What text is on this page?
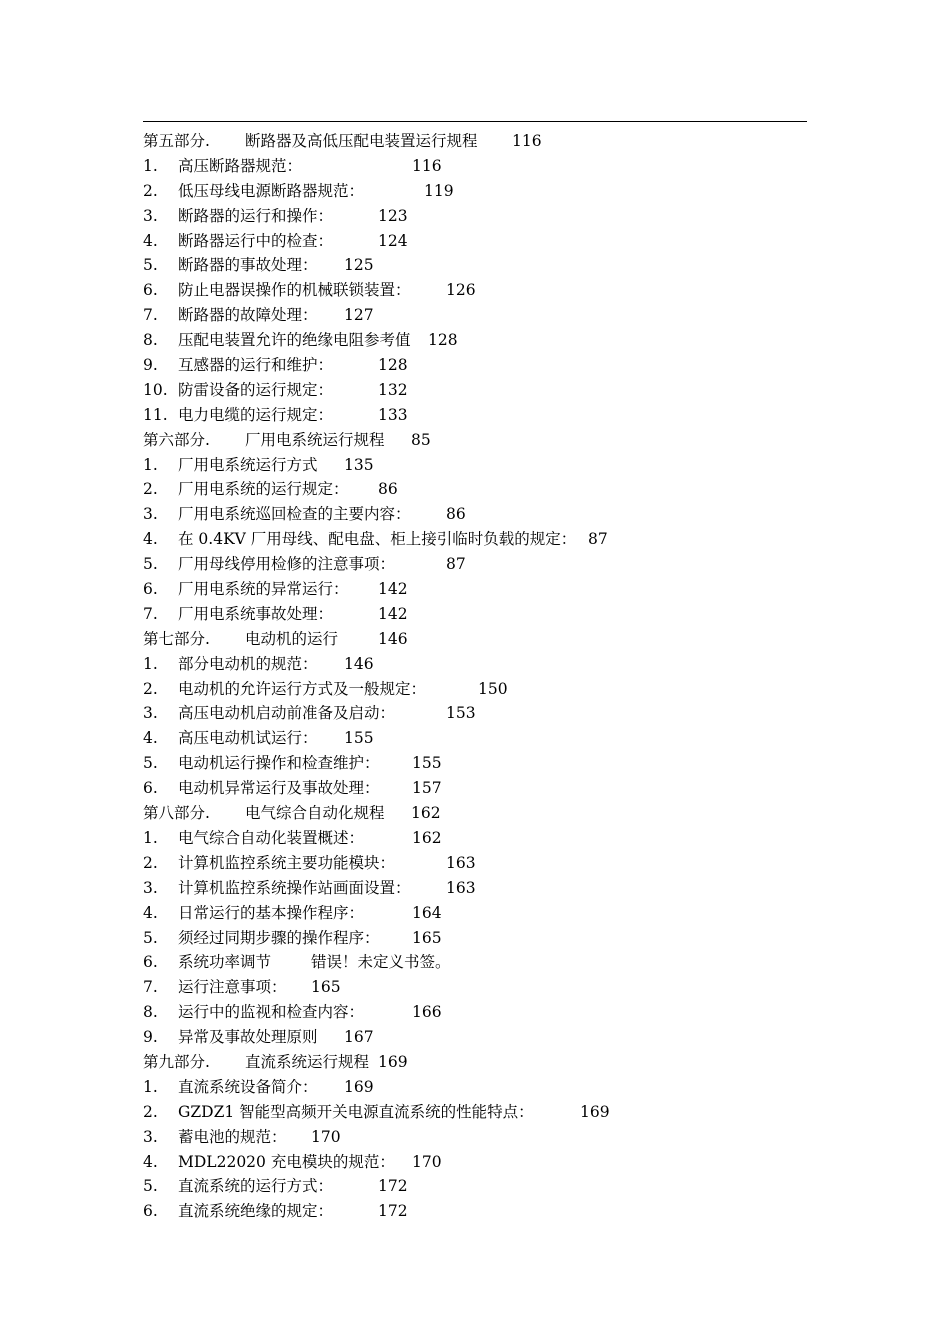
第五部分. 断路器及高低压配电装置运行规程 116
1. 高压断路器规范：	116
2. 低压母线电源断路器规范：	119
3. 断路器的运行和操作：	123
4. 断路器运行中的检查：	124
5. 断路器的事故处理： 125
6. 防止电器误操作的机械联锁装置： 126
7. 断路器的故障处理： 127
8. 压配电装置允许的绝缘电阻参考值 128
9. 互感器的运行和维护：	128
10. 防雷设备的运行规定：	132
11. 电力电缆的运行规定：	133
第六部分. 厂用电系统运行规程 85
1. 厂用电系统运行方式 135
2. 厂用电系统的运行规定： 86
3. 厂用电系统巡回检查的主要内容： 86
4. 在 0.4KV 厂用母线、配电盘、柜上接引临时负载的规定： 87
5. 厂用母线停用检修的注意事项：	87
6. 厂用电系统的异常运行： 142
7. 厂用电系统事故处理：	142
第七部分. 电动机的运行	146
1. 部分电动机的规范： 146
2. 电动机的允许运行方式及一般规定：	150
3. 高压电动机启动前准备及启动：	153
4. 高压电动机试运行： 155
5. 电动机运行操作和检查维护： 155
6. 电动机异常运行及事故处理： 157
第八部分. 电气综合自动化规程 162
1. 电气综合自动化装置概述：	162
2. 计算机监控系统主要功能模块：	163
3. 计算机监控系统操作站画面设置： 163
4. 日常运行的基本操作程序：	164
5. 须经过同期步骤的操作程序： 165
6. 系统功率调节	错误！未定义书签。
7. 运行注意事项： 165
8. 运行中的监视和检查内容：	166
9. 异常及事故处理原则 167
第九部分. 直流系统运行规程 169
1. 直流系统设备简介： 169
2. GZDZ1 智能型高频开关电源直流系统的性能特点：	169
3. 蓄电池的规范： 170
4. MDL22020 充电模块的规范： 170
5. 直流系统的运行方式：	172
6. 直流系统绝缘的规定：	172
